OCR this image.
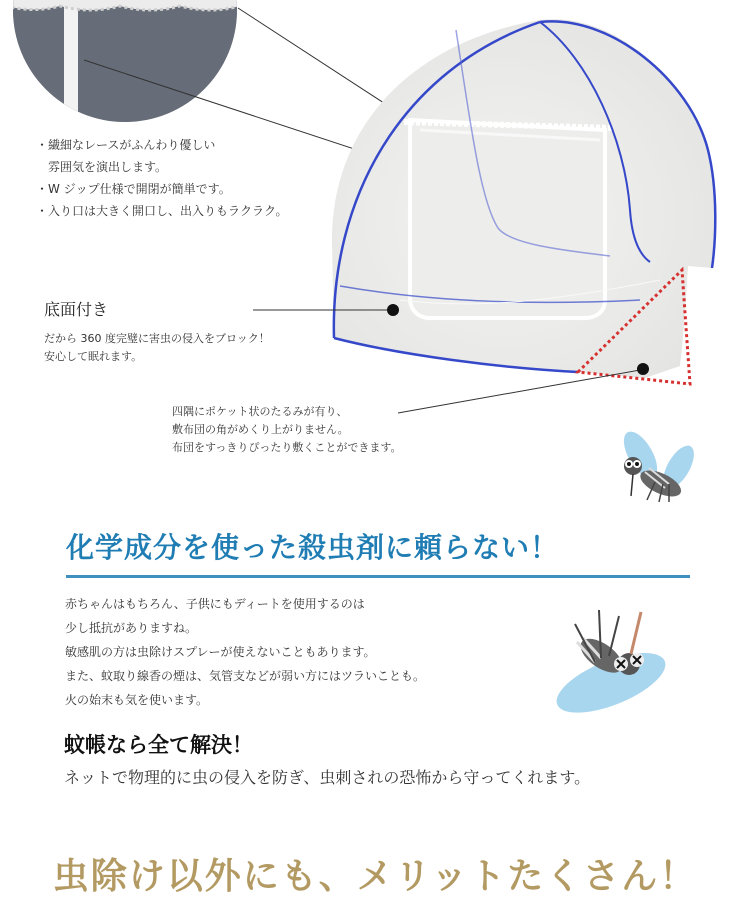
・繊細なレースがふんわり優しい
　雰囲気を演出します。
・W ジップ仕様で開閉が簡単です。
・入り口は大きく開口し、出入りもラクラク。
底面付き
だから 360 度完璧に害虫の侵入をブロック！
安心して眠れます。
四隅にポケット状のたるみが有り、
敷布団の角がめくり上がりません。
布団をすっきりぴったり敷くことができます。
化学成分を使った殺虫剤に頼らない！
赤ちゃんはもちろん、子供にもディートを使用するのは
少し抵抗がありますね。
敏感肌の方は虫除けスプレーが使えないこともあります。
また、蚊取り線香の煙は、気管支などが弱い方にはツラいことも。
火の始末も気を使います。
蚊帳なら全て解決！
ネットで物理的に虫の侵入を防ぎ、虫刺されの恐怖から守ってくれます。
虫除け以外にも、メリットたくさん！
